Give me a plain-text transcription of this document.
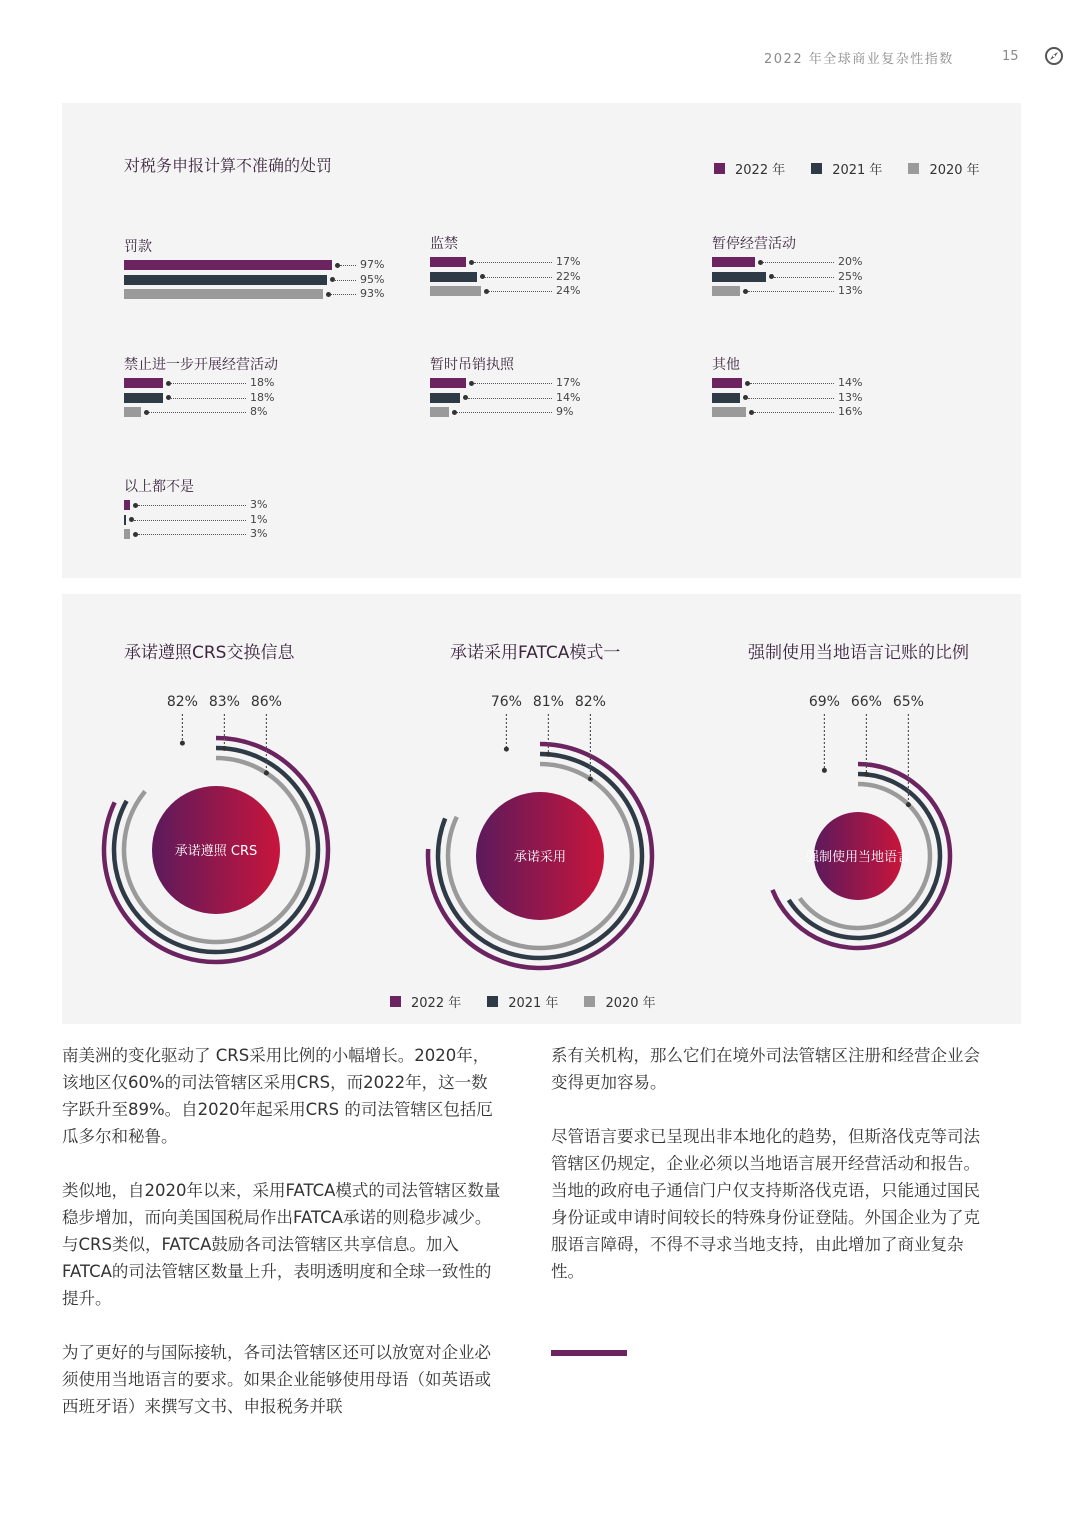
2022 年全球商业复杂性指数	15
对税务申报计算不准确的处罚	2022 年	2021 年	2020 年
罚款
97%
95%
93%
监禁
17%
22%
24%
暂停经营活动
20%
25%
13%
禁止进一步开展经营活动
18%
18%
8%
暂时吊销执照
17%
14%
9%
其他
14%
13%
16%
以上都不是
3%
1%
3%
承诺遵照CRS交换信息
承诺遵照 CRS
82% 83% 86%
承诺采用FATCA模式一
承诺采用
76% 81% 82%
强制使用当地语言记账的比例
强制使用当地语言
69% 66% 65%
2022 年	2021 年	2020 年

南美洲的变化驱动了 CRS采用比例的小幅增长。2020年，该地区仅60%的司法管辖区采用CRS，而2022年，这一数字跃升至89%。自2020年起采用CRS 的司法管辖区包括厄瓜多尔和秘鲁。

类似地，自2020年以来，采用FATCA模式的司法管辖区数量稳步增加，而向美国国税局作出FATCA承诺的则稳步减少。与CRS类似，FATCA鼓励各司法管辖区共享信息。加入FATCA的司法管辖区数量上升，表明透明度和全球一致性的提升。

为了更好的与国际接轨，各司法管辖区还可以放宽对企业必须使用当地语言的要求。如果企业能够使用母语（如英语或西班牙语）来撰写文书、申报税务并联

系有关机构，那么它们在境外司法管辖区注册和经营企业会变得更加容易。

尽管语言要求已呈现出非本地化的趋势，但斯洛伐克等司法管辖区仍规定，企业必须以当地语言展开经营活动和报告。当地的政府电子通信门户仅支持斯洛伐克语，只能通过国民身份证或申请时间较长的特殊身份证登陆。外国企业为了克服语言障碍，不得不寻求当地支持，由此增加了商业复杂性。
